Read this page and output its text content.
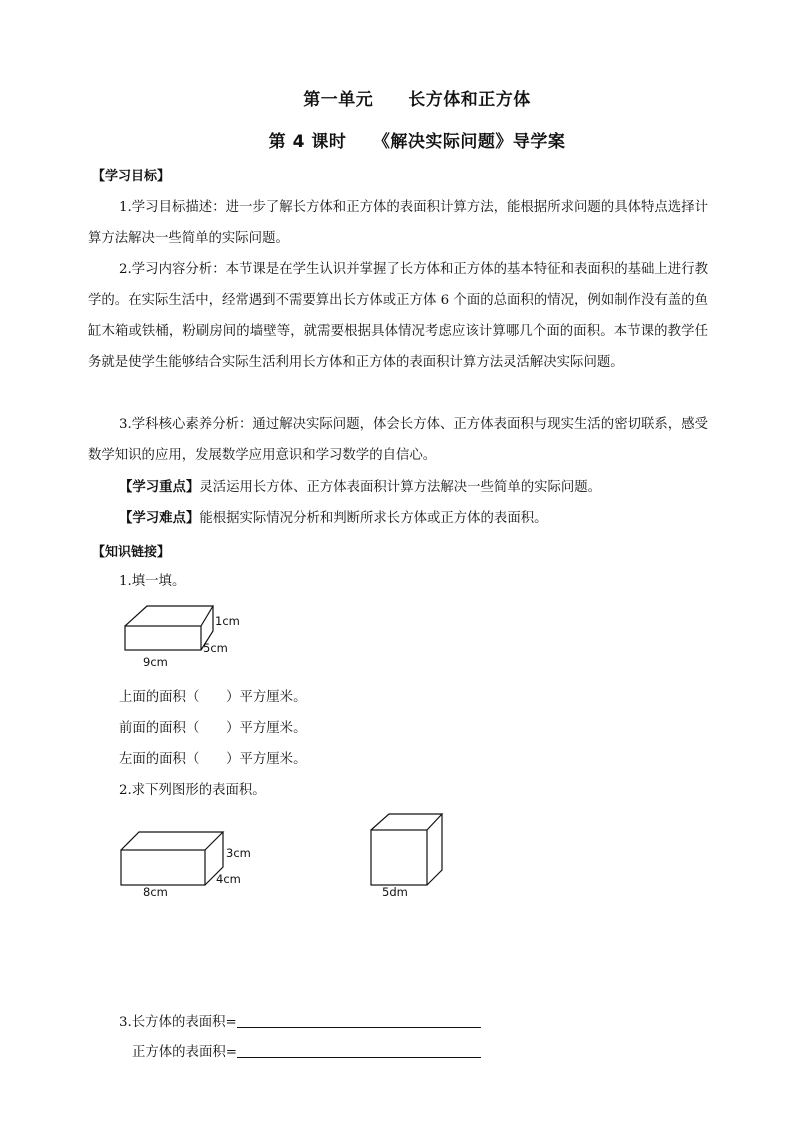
第一单元　　长方体和正方体
第 4 课时　　《解决实际问题》导学案
【学习目标】
1.学习目标描述：进一步了解长方体和正方体的表面积计算方法，能根据所求问题的具体特点选择计算方法解决一些简单的实际问题。
2.学习内容分析：本节课是在学生认识并掌握了长方体和正方体的基本特征和表面积的基础上进行教学的。在实际生活中，经常遇到不需要算出长方体或正方体 6 个面的总面积的情况，例如制作没有盖的鱼缸木箱或铁桶，粉刷房间的墙壁等，就需要根据具体情况考虑应该计算哪几个面的面积。本节课的教学任务就是使学生能够结合实际生活利用长方体和正方体的表面积计算方法灵活解决实际问题。
3.学科核心素养分析：通过解决实际问题，体会长方体、正方体表面积与现实生活的密切联系，感受数学知识的应用，发展数学应用意识和学习数学的自信心。
【学习重点】灵活运用长方体、正方体表面积计算方法解决一些简单的实际问题。
【学习难点】能根据实际情况分析和判断所求长方体或正方体的表面积。
【知识链接】
1.填一填。
1cm
5cm
9cm
上面的面积（　　）平方厘米。
前面的面积（　　）平方厘米。
左面的面积（　　）平方厘米。
2.求下列图形的表面积。
3cm
4cm
8cm	5dm
3.长方体的表面积=
正方体的表面积=
